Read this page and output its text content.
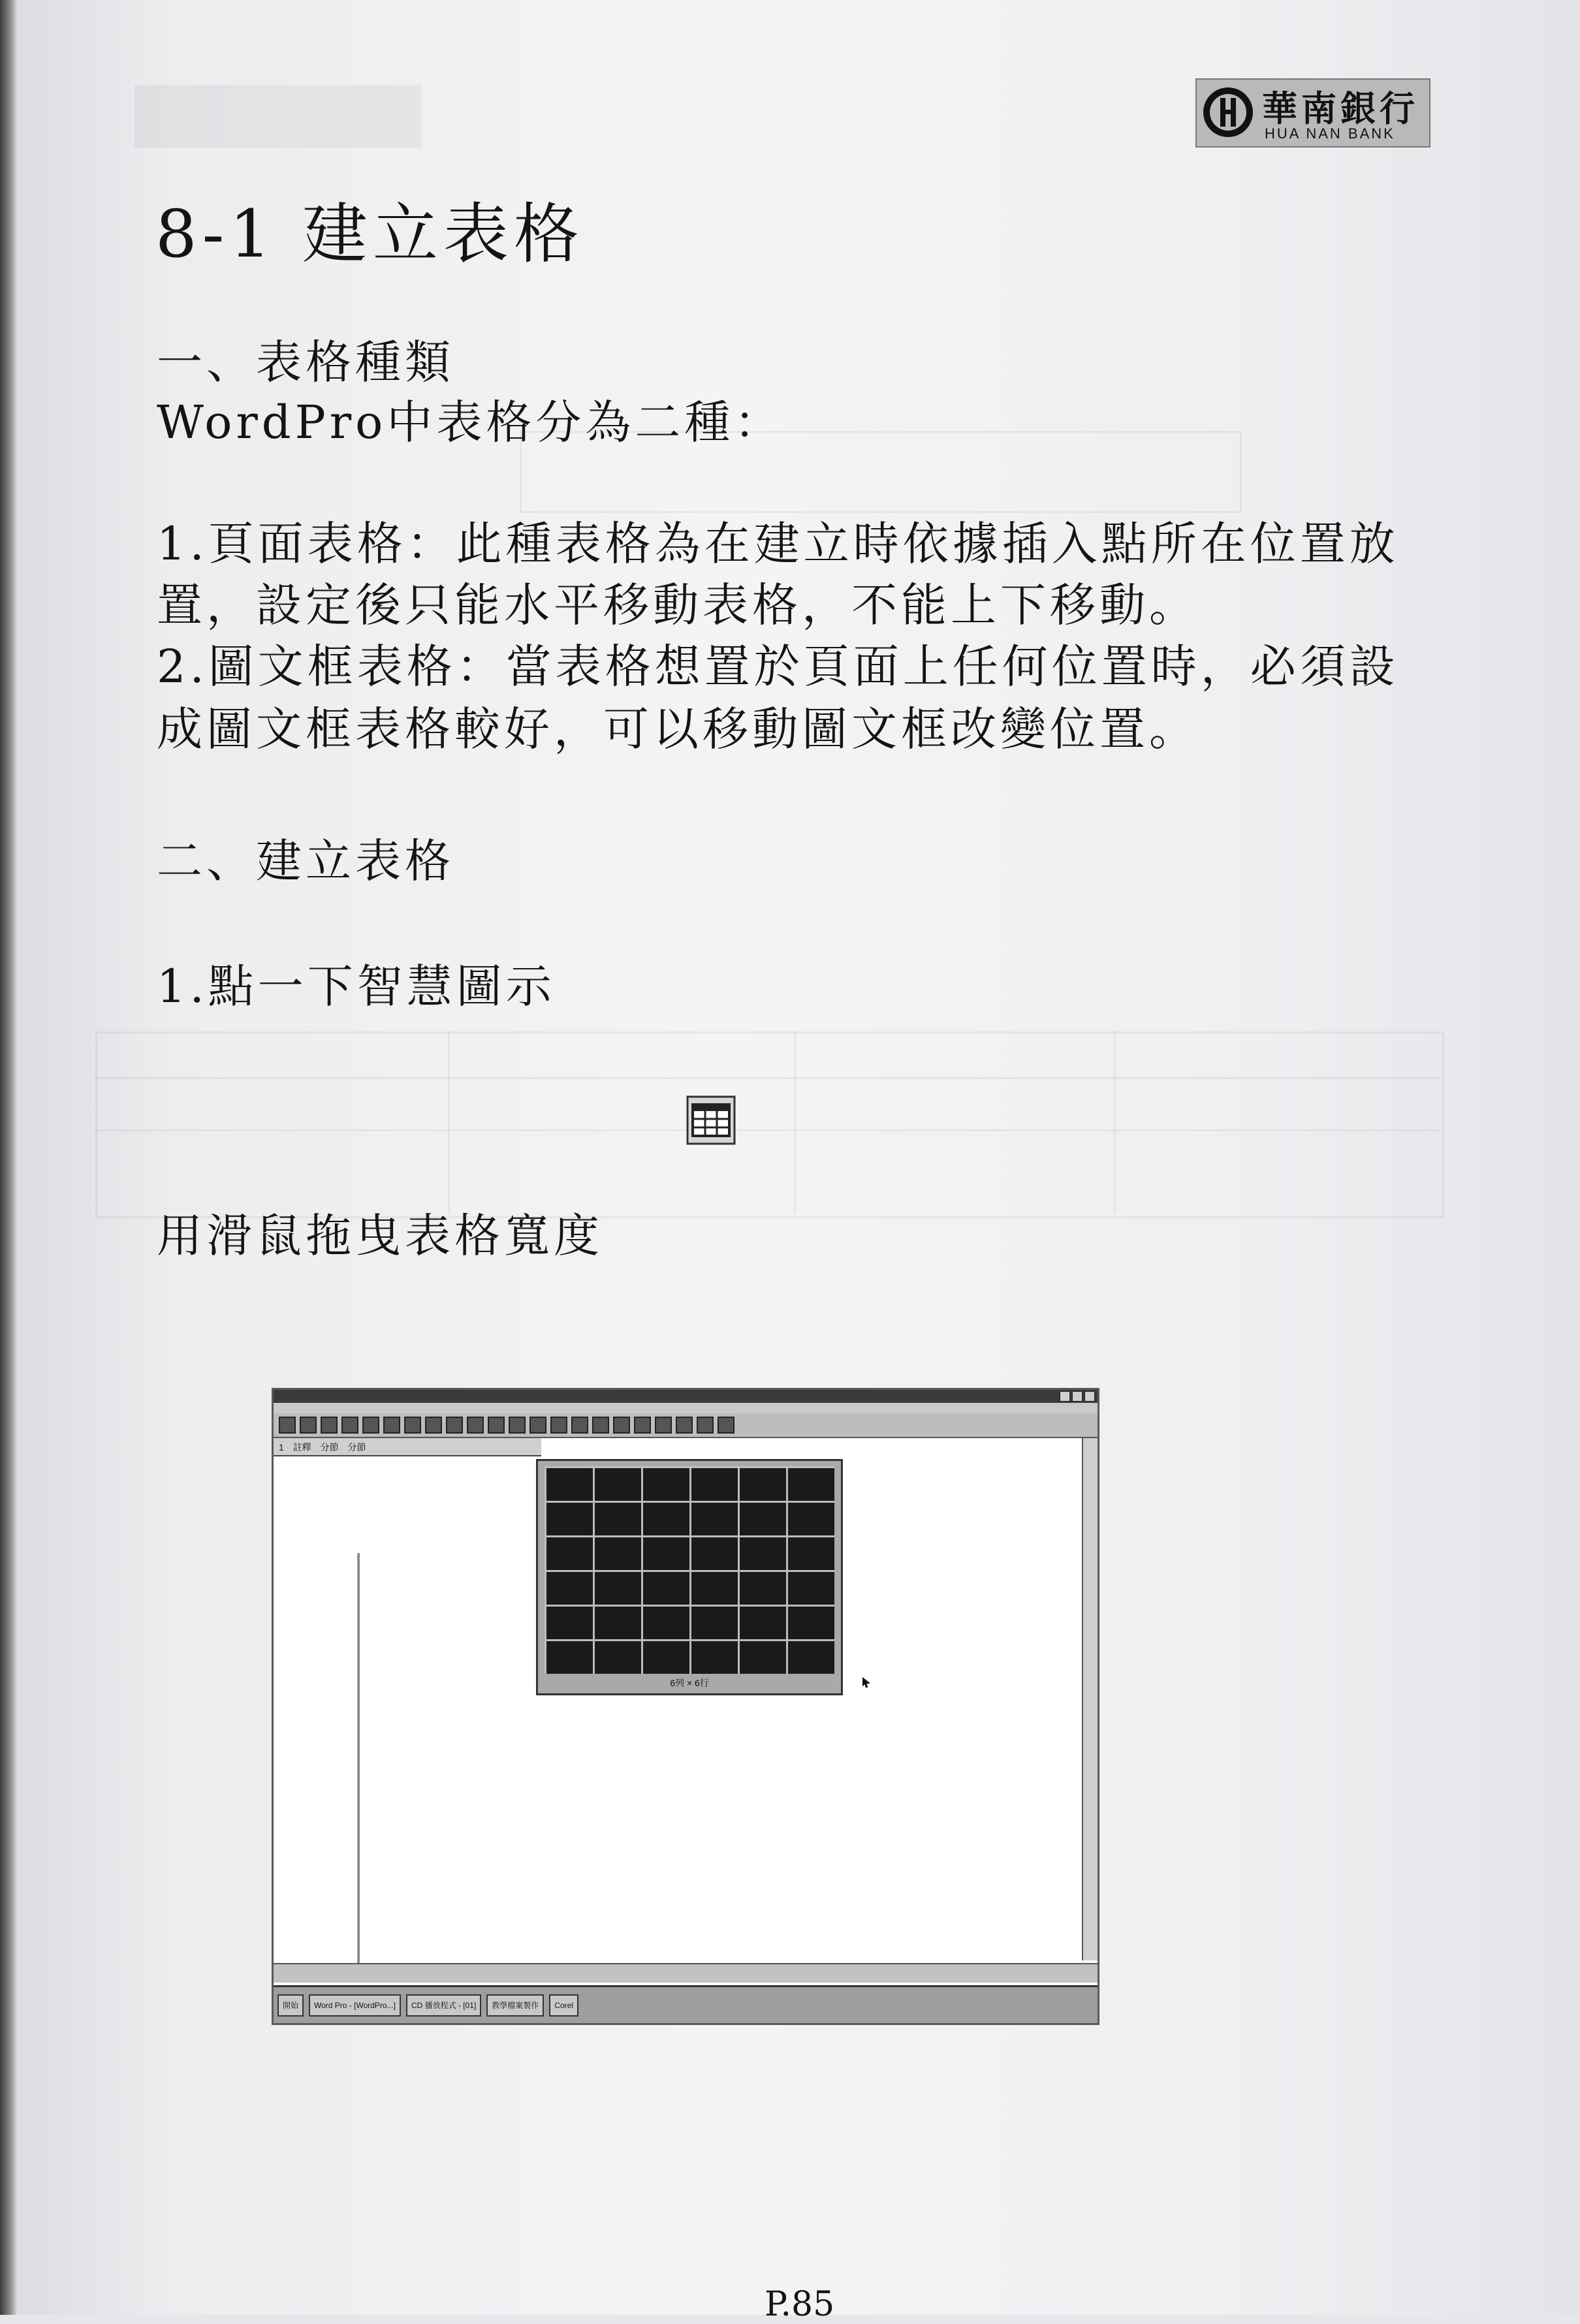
華南銀行
HUA NAN BANK
8-1 建立表格
一、表格種類
WordPro中表格分為二種：
1.頁面表格：此種表格為在建立時依據插入點所在位置放
置，設定後只能水平移動表格，不能上下移動。
2.圖文框表格：當表格想置於頁面上任何位置時，必須設
成圖文框表格較好，可以移動圖文框改變位置。
二、建立表格
1.點一下智慧圖示
用滑鼠拖曳表格寬度
1 註釋 分節 分節
6列 × 6行
開始	Word Pro - [WordPro...]	CD 播放程式 - [01]	教學檔案製作	Corel
P.85
